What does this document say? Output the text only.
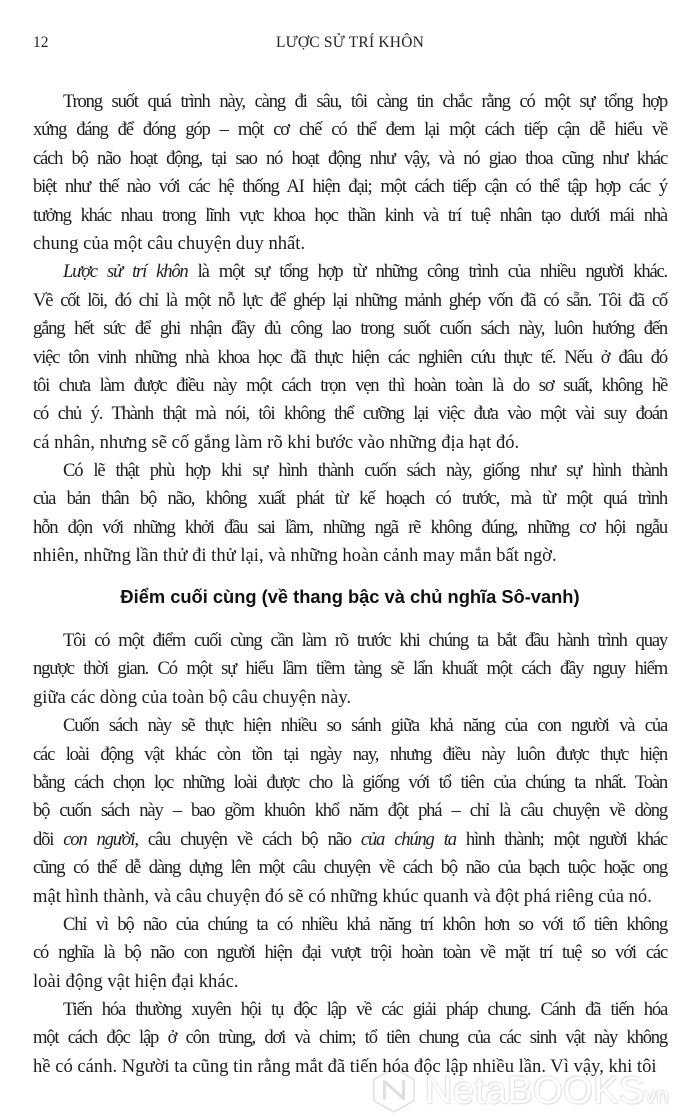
12	LƯỢC SỬ TRÍ KHÔN
Trong suốt quá trình này, càng đi sâu, tôi càng tin chắc rằng có một sự tổng hợp
xứng đáng để đóng góp – một cơ chế có thể đem lại một cách tiếp cận dễ hiểu về
cách bộ não hoạt động, tại sao nó hoạt động như vậy, và nó giao thoa cũng như khác
biệt như thế nào với các hệ thống AI hiện đại; một cách tiếp cận có thể tập hợp các ý
tưởng khác nhau trong lĩnh vực khoa học thần kinh và trí tuệ nhân tạo dưới mái nhà
chung của một câu chuyện duy nhất.
Lược sử trí khôn là một sự tổng hợp từ những công trình của nhiều người khác.
Về cốt lõi, đó chỉ là một nỗ lực để ghép lại những mảnh ghép vốn đã có sẵn. Tôi đã cố
gắng hết sức để ghi nhận đầy đủ công lao trong suốt cuốn sách này, luôn hướng đến
việc tôn vinh những nhà khoa học đã thực hiện các nghiên cứu thực tế. Nếu ở đâu đó
tôi chưa làm được điều này một cách trọn vẹn thì hoàn toàn là do sơ suất, không hề
có chủ ý. Thành thật mà nói, tôi không thể cưỡng lại việc đưa vào một vài suy đoán
cá nhân, nhưng sẽ cố gắng làm rõ khi bước vào những địa hạt đó.
Có lẽ thật phù hợp khi sự hình thành cuốn sách này, giống như sự hình thành
của bản thân bộ não, không xuất phát từ kế hoạch có trước, mà từ một quá trình
hỗn độn với những khởi đầu sai lầm, những ngã rẽ không đúng, những cơ hội ngẫu
nhiên, những lần thử đi thử lại, và những hoàn cảnh may mắn bất ngờ.
Điểm cuối cùng (về thang bậc và chủ nghĩa Sô-vanh)
Tôi có một điểm cuối cùng cần làm rõ trước khi chúng ta bắt đầu hành trình quay
ngược thời gian. Có một sự hiểu lầm tiềm tàng sẽ lẩn khuất một cách đầy nguy hiểm
giữa các dòng của toàn bộ câu chuyện này.
Cuốn sách này sẽ thực hiện nhiều so sánh giữa khả năng của con người và của
các loài động vật khác còn tồn tại ngày nay, nhưng điều này luôn được thực hiện
bằng cách chọn lọc những loài được cho là giống với tổ tiên của chúng ta nhất. Toàn
bộ cuốn sách này – bao gồm khuôn khổ năm đột phá – chỉ là câu chuyện về dòng
dõi con người, câu chuyện về cách bộ não của chúng ta hình thành; một người khác
cũng có thể dễ dàng dựng lên một câu chuyện về cách bộ não của bạch tuộc hoặc ong
mật hình thành, và câu chuyện đó sẽ có những khúc quanh và đột phá riêng của nó.
Chỉ vì bộ não của chúng ta có nhiều khả năng trí khôn hơn so với tổ tiên không
có nghĩa là bộ não con người hiện đại vượt trội hoàn toàn về mặt trí tuệ so với các
loài động vật hiện đại khác.
Tiến hóa thường xuyên hội tụ độc lập về các giải pháp chung. Cánh đã tiến hóa
một cách độc lập ở côn trùng, dơi và chim; tổ tiên chung của các sinh vật này không
hề có cánh. Người ta cũng tin rằng mắt đã tiến hóa độc lập nhiều lần. Vì vậy, khi tôi
NetaBOOKSvn
